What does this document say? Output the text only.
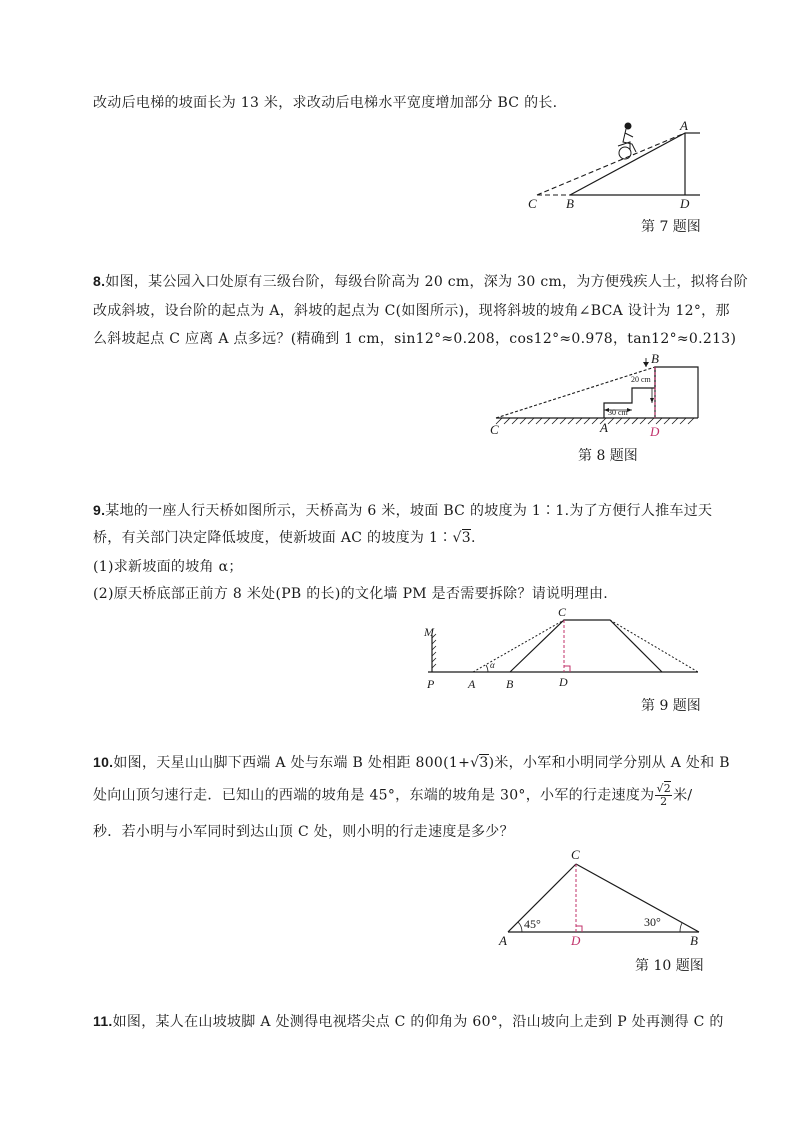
改动后电梯的坡面长为 13 米，求改动后电梯水平宽度增加部分 BC 的长.
A
C B	D
第 7 题图
8.如图，某公园入口处原有三级台阶，每级台阶高为 20 cm，深为 30 cm，为方便残疾人士，拟将台阶
改成斜坡，设台阶的起点为 A，斜坡的起点为 C(如图所示)，现将斜坡的坡角∠BCA 设计为 12°，那
么斜坡起点 C 应离 A 点多远？(精确到 1 cm，sin12°≈0.208，cos12°≈0.978，tan12°≈0.213)
20 cm
30 cm
B
C	A	D
第 8 题图
9.某地的一座人行天桥如图所示，天桥高为 6 米，坡面 BC 的坡度为 1∶1.为了方便行人推车过天
桥，有关部门决定降低坡度，使新坡面 AC 的坡度为 1∶√3.
(1)求新坡面的坡角 α；
(2)原天桥底部正前方 8 米处(PB 的长)的文化墙 PM 是否需要拆除？请说明理由.
α
M
P	A	B
C
D
第 9 题图
10.如图，天星山山脚下西端 A 处与东端 B 处相距 800(1+√3)米，小军和小明同学分别从 A 处和 B
处向山顶匀速行走．已知山的西端的坡角是 45°，东端的坡角是 30°，小军的行走速度为 $\frac{√2}{2}$ 米/
秒．若小明与小军同时到达山顶 C 处，则小明的行走速度是多少？
45°	30°
C
A	D	B
第 10 题图
11.如图，某人在山坡坡脚 A 处测得电视塔尖点 C 的仰角为 60°，沿山坡向上走到 P 处再测得 C 的
